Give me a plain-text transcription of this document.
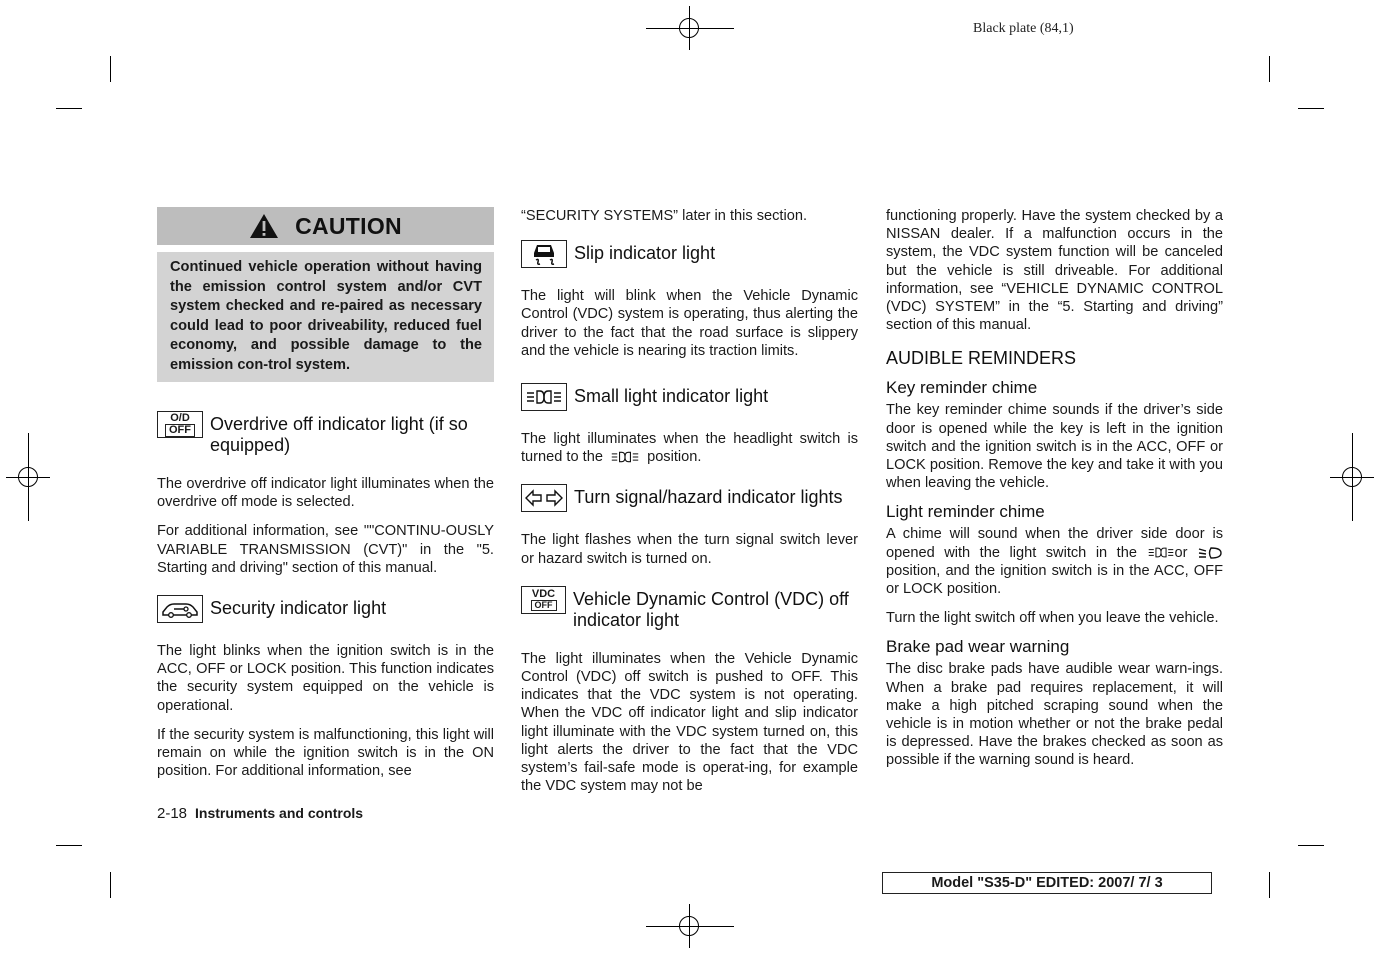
Black plate (84,1)
CAUTION
Continued vehicle operation without having the emission control system and/or CVT system checked and re-paired as necessary could lead to poor driveability, reduced fuel economy, and possible damage to the emission con-trol system.
O/D
OFF Overdrive off indicator light (if so equipped)

The overdrive off indicator light illuminates when the overdrive off mode is selected.

For additional information, see ""CONTINU-OUSLY VARIABLE TRANSMISSION (CVT)" in the "5. Starting and driving" section of this manual.

Security indicator light

The light blinks when the ignition switch is in the ACC, OFF or LOCK position. This function indicates the security system equipped on the vehicle is operational.

If the security system is malfunctioning, this light will remain on while the ignition switch is in the ON position. For additional information, see

“SECURITY SYSTEMS” later in this section.

Slip indicator light

The light will blink when the Vehicle Dynamic Control (VDC) system is operating, thus alerting the driver to the fact that the road surface is slippery and the vehicle is nearing its traction limits.

Small light indicator light

The light illuminates when the headlight switch is turned to the	position.

Turn signal/hazard indicator lights

The light flashes when the turn signal switch lever or hazard switch is turned on.

VDC
OFF Vehicle Dynamic Control (VDC) off indicator light

The light illuminates when the Vehicle Dynamic Control (VDC) off switch is pushed to OFF. This indicates that the VDC system is not operating. When the VDC off indicator light and slip indicator light illuminate with the VDC system turned on, this light alerts the driver to the fact that the VDC system’s fail-safe mode is operat-ing, for example the VDC system may not be

functioning properly. Have the system checked by a NISSAN dealer. If a malfunction occurs in the system, the VDC system function will be canceled but the vehicle is still driveable. For additional information, see “VEHICLE DYNAMIC CONTROL (VDC) SYSTEM” in the “5. Starting and driving” section of this manual.

AUDIBLE REMINDERS
Key reminder chime

The key reminder chime sounds if the driver’s side door is opened while the key is left in the ignition switch and the ignition switch is in the ACC, OFF or LOCK position. Remove the key and take it with you when leaving the vehicle.

Light reminder chime

A chime will sound when the driver side door is opened with the light switch in the	or  position, and the ignition switch is in the ACC, OFF or LOCK position.

Turn the light switch off when you leave the vehicle.

Brake pad wear warning

The disc brake pads have audible wear warn-ings. When a brake pad requires replacement, it will make a high pitched scraping sound when the vehicle is in motion whether or not the brake pedal is depressed. Have the brakes checked as soon as possible if the warning sound is heard.

2-18 Instruments and controls
Model "S35-D" EDITED: 2007/ 7/ 3
